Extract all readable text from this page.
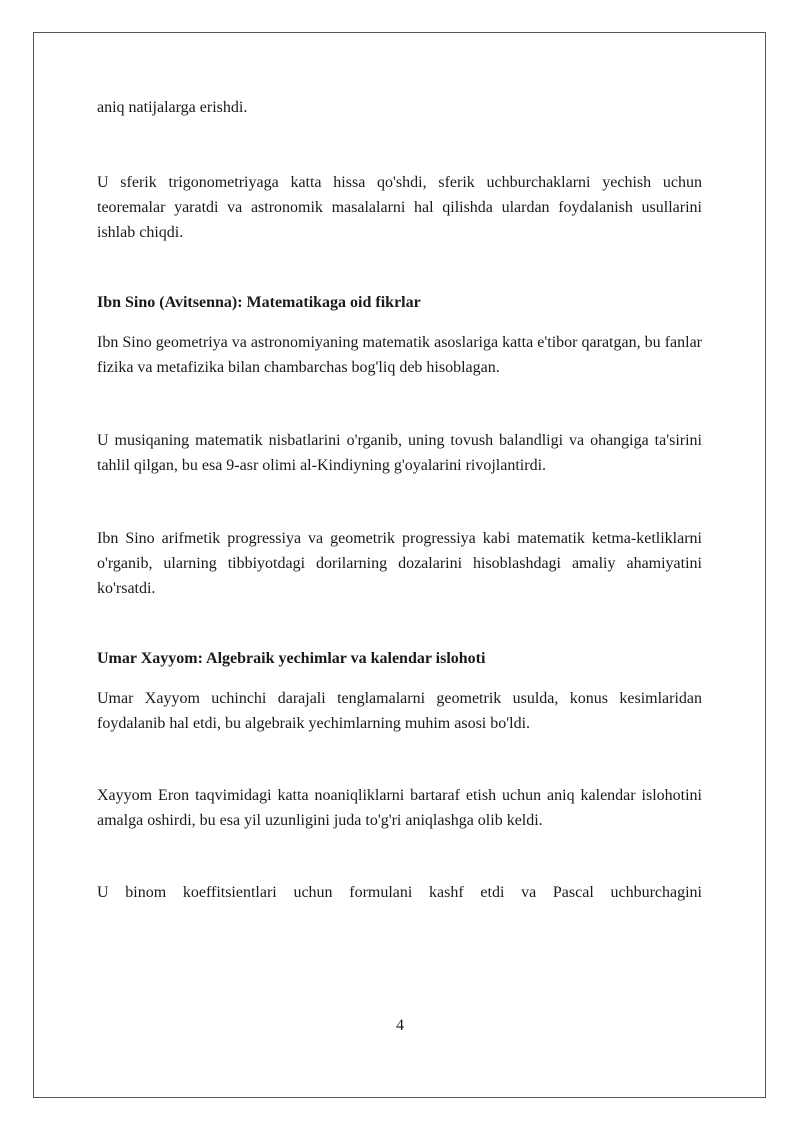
aniq natijalarga erishdi.

U sferik trigonometriyaga katta hissa qo'shdi, sferik uchburchaklarni yechish uchun teoremalar yaratdi va astronomik masalalarni hal qilishda ulardan foydalanish usullarini ishlab chiqdi.

Ibn Sino (Avitsenna): Matematikaga oid fikrlar

Ibn Sino geometriya va astronomiyaning matematik asoslariga katta e'tibor qaratgan, bu fanlar fizika va metafizika bilan chambarchas bog'liq deb hisoblagan.

U musiqaning matematik nisbatlarini o'rganib, uning tovush balandligi va ohangiga ta'sirini tahlil qilgan, bu esa 9-asr olimi al-Kindiyning g'oyalarini rivojlantirdi.

Ibn Sino arifmetik progressiya va geometrik progressiya kabi matematik ketma-ketliklarni o'rganib, ularning tibbiyotdagi dorilarning dozalarini hisoblashdagi amaliy ahamiyatini ko'rsatdi.

Umar Xayyom: Algebraik yechimlar va kalendar islohoti

Umar Xayyom uchinchi darajali tenglamalarni geometrik usulda, konus kesimlaridan foydalanib hal etdi, bu algebraik yechimlarning muhim asosi bo'ldi.

Xayyom Eron taqvimidagi katta noaniqliklarni bartaraf etish uchun aniq kalendar islohotini amalga oshirdi, bu esa yil uzunligini juda to'g'ri aniqlashga olib keldi.

U binom koeffitsientlari uchun formulani kashf etdi va Pascal uchburchagini

4
